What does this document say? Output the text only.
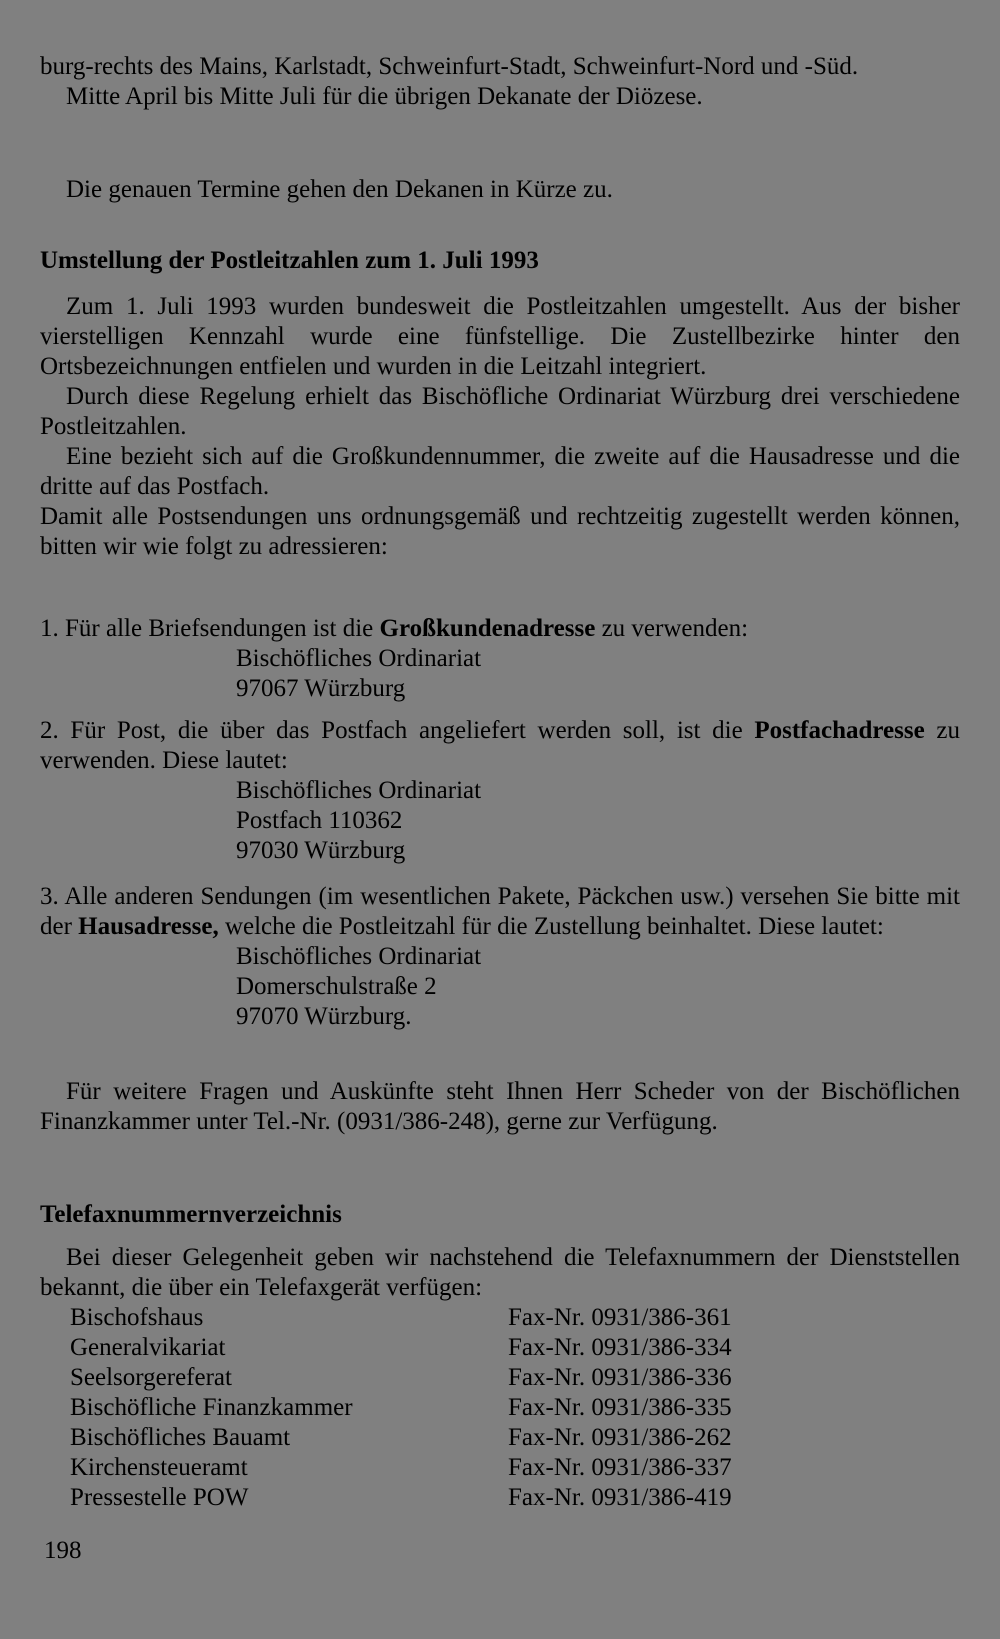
burg-rechts des Mains, Karlstadt, Schweinfurt-Stadt, Schweinfurt-Nord und -Süd.

Mitte April bis Mitte Juli für die übrigen Dekanate der Diözese.

Die genauen Termine gehen den Dekanen in Kürze zu.

Umstellung der Postleitzahlen zum 1. Juli 1993

Zum 1. Juli 1993 wurden bundesweit die Postleitzahlen umgestellt. Aus der bisher vierstelligen Kennzahl wurde eine fünfstellige. Die Zustellbezirke hinter den Ortsbezeichnungen entfielen und wurden in die Leitzahl integriert.

Durch diese Regelung erhielt das Bischöfliche Ordinariat Würzburg drei verschiedene Postleitzahlen.

Eine bezieht sich auf die Großkundennummer, die zweite auf die Hausadresse und die dritte auf das Postfach.

Damit alle Postsendungen uns ordnungsgemäß und rechtzeitig zugestellt werden können, bitten wir wie folgt zu adressieren:

1. Für alle Briefsendungen ist die Großkundenadresse zu verwenden:

Bischöfliches Ordinariat
97067 Würzburg

2. Für Post, die über das Postfach angeliefert werden soll, ist die Postfachadresse zu verwenden. Diese lautet:

Bischöfliches Ordinariat
Postfach 110362
97030 Würzburg

3. Alle anderen Sendungen (im wesentlichen Pakete, Päckchen usw.) versehen Sie bitte mit der Hausadresse, welche die Postleitzahl für die Zustellung beinhaltet. Diese lautet:

Bischöfliches Ordinariat
Domerschulstraße 2
97070 Würzburg.

Für weitere Fragen und Auskünfte steht Ihnen Herr Scheder von der Bischöflichen Finanzkammer unter Tel.-Nr. (0931/386-248), gerne zur Verfügung.

Telefaxnummernverzeichnis

Bei dieser Gelegenheit geben wir nachstehend die Telefaxnummern der Dienststellen bekannt, die über ein Telefaxgerät verfügen:

Bischofshaus	Fax-Nr. 0931/386-361
Generalvikariat	Fax-Nr. 0931/386-334
Seelsorgereferat	Fax-Nr. 0931/386-336
Bischöfliche Finanzkammer	Fax-Nr. 0931/386-335
Bischöfliches Bauamt	Fax-Nr. 0931/386-262
Kirchensteueramt	Fax-Nr. 0931/386-337
Pressestelle POW	Fax-Nr. 0931/386-419
198
